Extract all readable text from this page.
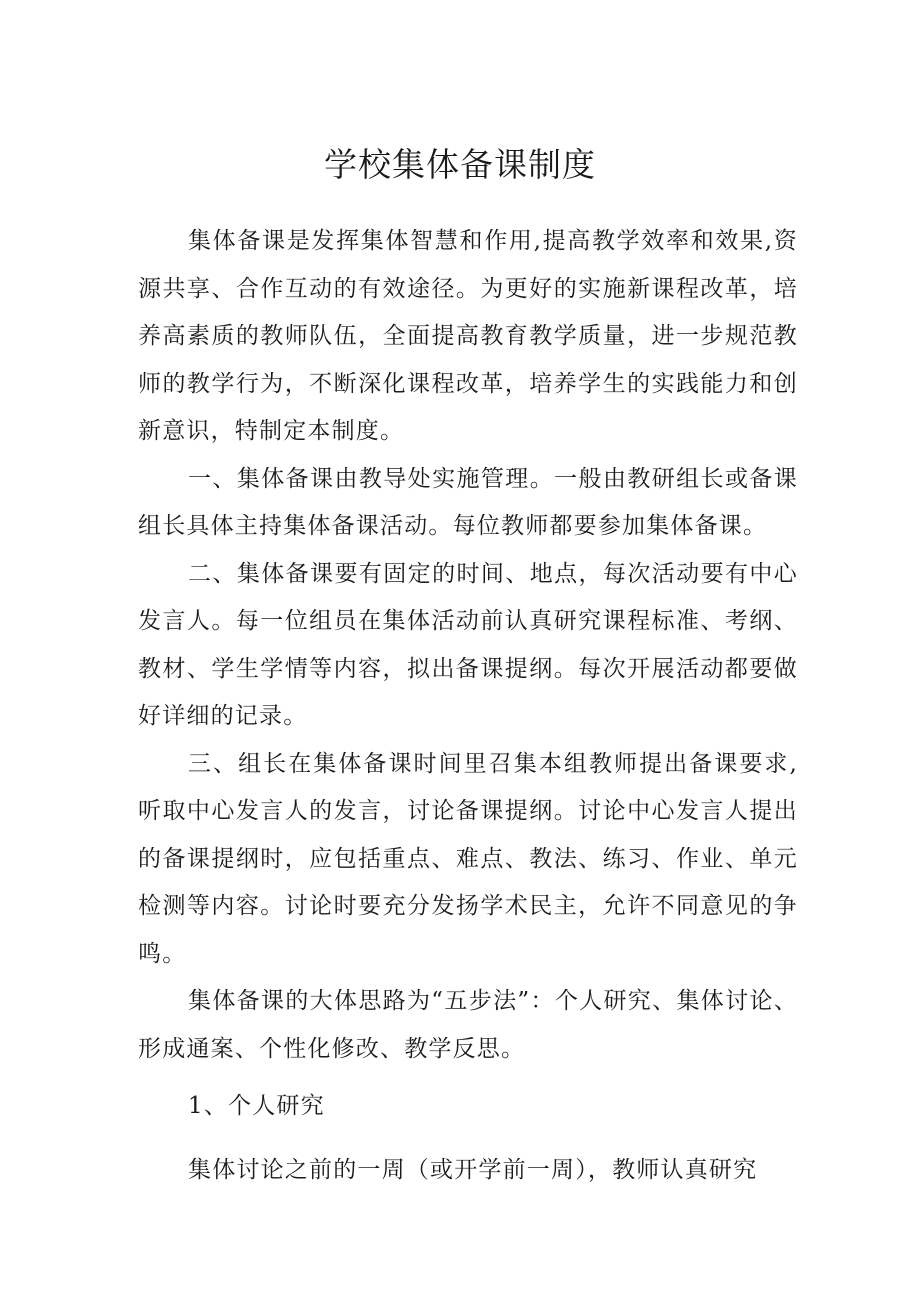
学校集体备课制度

集体备课是发挥集体智慧和作用,提高教学效率和效果,资源共享、合作互动的有效途径。为更好的实施新课程改革，培养高素质的教师队伍，全面提高教育教学质量，进一步规范教师的教学行为，不断深化课程改革，培养学生的实践能力和创新意识，特制定本制度。

一、集体备课由教导处实施管理。一般由教研组长或备课组长具体主持集体备课活动。每位教师都要参加集体备课。

二、集体备课要有固定的时间、地点，每次活动要有中心发言人。每一位组员在集体活动前认真研究课程标准、考纲、教材、学生学情等内容，拟出备课提纲。每次开展活动都要做好详细的记录。

三、组长在集体备课时间里召集本组教师提出备课要求,听取中心发言人的发言，讨论备课提纲。讨论中心发言人提出的备课提纲时，应包括重点、难点、教法、练习、作业、单元检测等内容。讨论时要充分发扬学术民主，允许不同意见的争鸣。

集体备课的大体思路为“五步法”：个人研究、集体讨论、形成通案、个性化修改、教学反思。

1、个人研究

集体讨论之前的一周（或开学前一周），教师认真研究
